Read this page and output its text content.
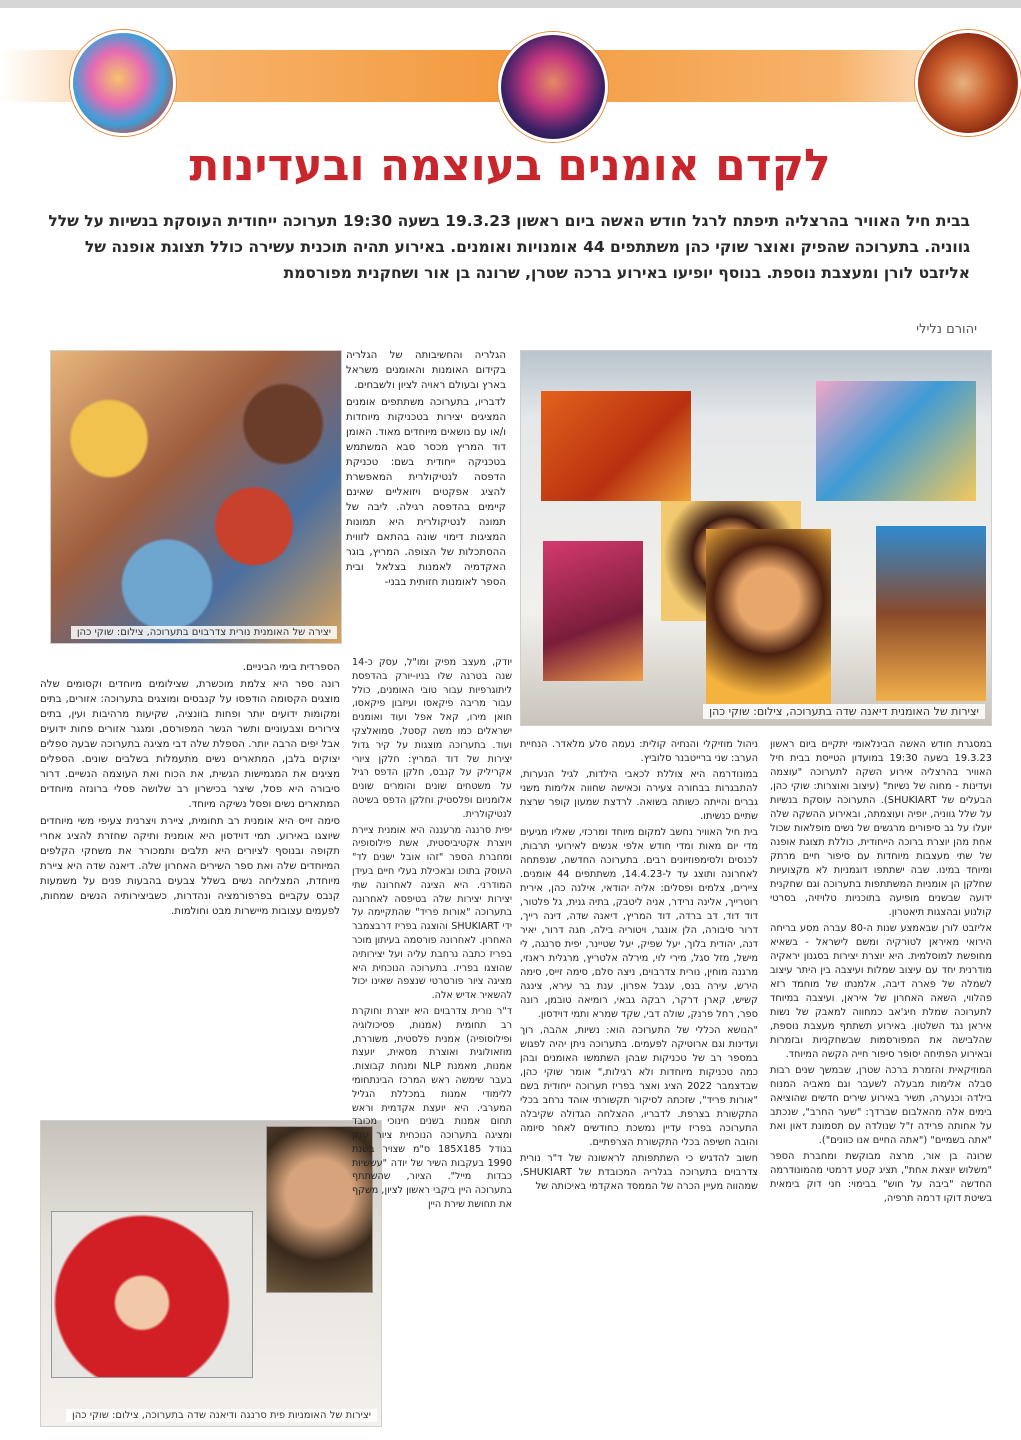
לקדם אומנים בעוצמה ובעדינות
בבית חיל האוויר בהרצליה תיפתח לרגל חודש האשה ביום ראשון 19.3.23 בשעה 19:30 תערוכה ייחודית העוסקת בנשיות על שלל גווניה. בתערוכה שהפיק ואוצר שוקי כהן משתתפים 44 אומנויות ואומנים. באירוע תהיה תוכנית עשירה כולל תצוגת אופנה של אליזבט לורן ומעצבת נוספת. בנוסף יופיעו באירוע ברכה שטרן, שרונה בן אור ושחקנית מפורסמת
יהורם נלילי
יצירות של האומנית דיאנה שדה בתערוכה, צילום: שוקי כהן
יצירה של האומנית נורית צדרבוים בתערוכה, צילום: שוקי כהן
יצירות של האומניות פית סרנגה ודיאנה שדה בתערוכה, צילום: שוקי כהן

הגלריה והחשיבותה של הגלריה בקידום האומנות והאומנים משראל בארץ ובעולם ראויה לציון ולשבחים.

לדבריו, בתערוכה משתתפים אומנים המציגים יצירות בטכניקות מיוחדות ו/או עם נושאים מיוחדים מאוד. האומן דוד המריץ מכסר סבא המשתמש בטכניקה ייחודית בשם: טכניקת הדפסה לנטיקולרית המאפשרת להציג אפקטים ויזואליים שאינם קיימים בהדפסה רגילה. ליבה של תמונה לנטיקולרית היא תמונות המציגות דימוי שונה בהתאם לזווית ההסתכלות של הצופה. המריץ, בוגר האקדמיה לאמנות בצלאל ובית הספר לאומנות חזותית בבני-

הספרדית בימי הביניים.

רונה ספר היא צלמת מוכשרת, שצילומים מיוחדים וקסומים שלה מוצגים הקסומה הודפסו על קנבסים ומוצגים בתערוכה: אזורים, בתים ומקומות ידועים יותר ופחות בוונציה, שקיעות מרהיבות ועין, בתים צירורים וצבעוניים ותשר הגשר המפורסם, ומגגר אזורים פחות ידועים אבל יפים הרבה יותר. הספלת שלה דבי מציגה בתערוכה שבעה ספלים יצוקים בלבן, המתארים נשים מתעמלות בשלבים שונים. הספלים מציגים את המגמישות הגשית, את הכוח ואת העוצמה הנשיים. דרור סיבורה היא פסל, שיצר בכישרון רב שלושה פסלי ברונזה מיוחדים המתארים נשים ופסל נשיקה מיוחד.

סימה זייס היא אומנית רב תחומית, ציירת ויצרנית צעיפי משי מיוחדים שיוצגו באירוע. תמי דוידסון היא אומנית ותיקה שחזרת להציג אחרי תקופה ובנוסף לציורים היא תלבים ותמכורר את משחקי הקלפים המיוחדים שלה ואת ספר השירים האחרון שלה. דיאנה שדה היא ציירת מיוחדת, המצליחה נשים בשלל צבעים בהבעות פנים על משמעות קנבס עקביים בפרפורמציה ונהדרות, כשביצירותיה הנשים שמחות, לפעמים עצובות מיישרות מבט וחולמות.

יודק, מעצב מפיק ומו"ל, עסק כ-14 שנה בטרנה שלו בניו-יורק בהדפסת ליתוגרפיות עבור טובי האומנים, כולל עבור מריבה פיקאסו ועיזבון פיקאסו, חואן מירו, קאל אפל ועוד ואומנים ישראלים כמו משה קסטל, סמואלצקי ועוד. בתערוכה מוצגות על קיר גדול יצירות של דוד המריץ: חלקן ציורי אקריליק על קנבס, חלקן הדפס רגיל על משטחים שונים והומרים שונים אלומניום ופלסטיק וחלקן הדפס בשיטה לנטיקולרית.

יפית סרנגה מרעננה היא אומנית ציירת ויוצרת אקטיביסטית, אשת פילוסופיה ומחברת הספר "זהו אובל ישנים לד" העוסק בתוכו ובאכילת בעלי חיים בעידן המודרני. היא הציגה לאחרונה שתי יצירות יצירות שלה בטיפסה לאחרונה בתערוכה "אורות פריד" שהתקיימה על ידי SHUKIART והוצגה בפריז דרבצמבר האחרון. לאחרונה פורסמה בעיתון מוכר בפריז כתבה נרחבת עליה ועל יצירותיה שהוצגו בפריז. בתערוכה הנוכחית היא מציגה ציור פורטרטי שנצפה שאינו יכול להשאיר אדיש אלה.

ד"ר נורית צדרבוים היא יוצרת וחוקרת רב תחומית (אמנות, פסיכולוגיה ופילוסופיה) אמנית פלסטית, משוררת, מוזאולוגית ואוצרת מסאית, יועצת אמנות, מאמנת NLP ומנחת קבוצות. בעבר שימשה ראש המרכז הבינתחומי ללימודי אמנות במכללת הגליל המערבי. היא יועצת אקדמית וראש תחום אמנות בשנים חינוכי מכובד ומציגה בתערוכה הנוכחית ציור ענק בגודל 185X185 ס"מ שצויר בשנת 1990 בעקבות השיר של יודה "עששיות כבדות מייל". הציור, שהשתתף בתערוכה היין ביקבי ראשון לציון, משקף את תחושת שירת היין

ניהול מוזיקלי והנחיה קולית: נעמה סלע מלאדר. הנחיית הערב: שני ברייטבנר סלוביץ.

במונודרמה היא צוללת לכאבי הילדות, לגיל הנערות, להתבגרות בבחורה צעירה וכאישה שחווה אלימות משני גברים והייתה כשותה בשואה. לרדצת שמעון קופר שרצת שתיים כנשיתו.

בית חיל האוויר נחשב למקום מיוחד ומרכזי, שאליו מגיעים מדי יום מאות ומדי חודש אלפי אנשים לאירועי תרבות, לכנסים ולסימפוזיונים רבים. בתערוכה החדשה, שנפתחה לאחרונה ותוצג עד ל-14.4.23, משתתפים 44 אומנים. ציירים, צלמים ופסלים: אליה יהודאי, אילנה כהן, אירית רוטרייך, אלינה נרידר, אניה ליטבק, בתיה גנית, גל פלטור, דוד דוד, דב ברדה, דוד המריץ, דיאנה שדה, דינה רייך, דרור סיבורה, הלן אונגר, ויטוריה בילה, חגה דרור, יאיר דנה, יהודית בלוך, יעל שפיק, יעל שטיינר, יפית סרנגה, לי מישל, מזל סגל, מירי לוי, מירלה אלטריץ, מרגלית ראנזי, מרגנה מוחין, נורית צדרבוים, ניצה סלם, סימה זייס, סימה הירש, עירה בנס, עגבל אפרון, ענת בר עירא, צינגה קשיש, קארן דרקר, רבקה גבאי, רומיאה טובמן, רונה ספר, רחל פרנק, שולה דבי, שקד שמרא ותמי דוידסון.

"הנושא הכללי של התערוכה הוא: נשיות, אהבה, רוך ועדינות וגם ארוטיקה לפעמים. בתערוכה ניתן יהיה לפגוש במספר רב של טכניקות שבהן השתמשו האומנים ובהן כמה טכניקות מיוחדות ולא רגילות," אומר שוקי כהן, שבדצמבר 2022 הציג ואצר בפריז תערוכה ייחודית בשם "אורות פריד", שזכתה לסיקור תקשורתי אוהד נרחב בכלי התקשורת בצרפת. לדבריו, ההצלחה הגדולה שקיבלה התערוכה בפריז עדיין נמשכת כחודשים לאחר סיומה והובה חשיפה בכלי התקשורת הצרפתיים.

חשוב להדגיש כי השתתפותה לראשונה של ד"ר נורית צדרבוים בתערוכה בגלריה המכובדת של SHUKIART, שמהווה מעיין הכרה של הממסד האקדמי באיכותה של

במסגרת חודש האשה הבינלאומי יתקיים ביום ראשון 19.3.23 בשעה 19:30 במועדון הטייסת בבית חיל האוויר בהרצליה אירוע השקה לתערוכה "עוצמה ועדינות - מחוה של נשיות" (עיצוב ואוצרות: שוקי כהן, הבעלים של SHUKIART). התערוכה עוסקת בנשיות על שלל גווניה, יופיה ועוצמתה, ובאירוע ההשקה שלה יועלו על גב סיפורים מרגשים של נשים מופלאות שכול אחת מהן יוצרת ברוכה הייחודית, כוללת תצוגת אופנה של שתי מעצבות מיוחדות עם סיפור חיים מרתק ומיוחד במינו. שבה ישתתפו דוגמניות לא מקצועיות שחלקן הן אומניות המשתתפות בתערוכה וגם שחקנית ידועה שבשנים מופיעה בתוכניות טלויזיה, בסרטי קולנוע ובהצגות תיאטרון.

אליזבט לורן שבאמצע שנות ה-80 עברה מסע בריחה הירואי מאיראן לטורקיה ומשם לישראל - בשאיא מחופשת למוסלמית. היא יוצרת יצירות בסגנון יראקיה מודרנית יחד עם עיצוב שמלות ועיצבה בין היתר עיצוב לשמלה של פארה דיבה, אלמנתו של מוחמד רזא פהלווי, השאה האחרון של איראן, ועיצבה במיוחד לתערוכה שמלת חיג'אב כמחווה למאבק של נשות איראן נגד השלטון. באירוע תשתתף מעצבת נוספת, שהלבישה את המפורסמות שבשחקניות ובזמרות ובאירוע הפתיחה יסופר סיפור חייה הקשה המיוחד.

המוזיקאית והזמרת ברכה שטרן, שבמשך שנים רבות סבלה אלימות מבעלה לשעבר וגם מאביה המנוח בילדה וכנערה, תשיר באירוע שירים חדשים שהוציאה בימים אלה מהאלבום שברדך: "שער החרב", שנכתב על אחותה פרידה ז"ל שנולדה עם תסמונת דאון ואת "אתה בשמיים" ("אתה החיים אנו כוונים").

שרונה בן אור, מרצה מבוקשת ומחברת הספר "משלוש יוצאת אחת", תציג קטע דרמטי מהמונודרמה החדשה "ביבה על חוש" בבימוי: חני דוק בימאית בשיטת דוקו דרמה תרפיה,
